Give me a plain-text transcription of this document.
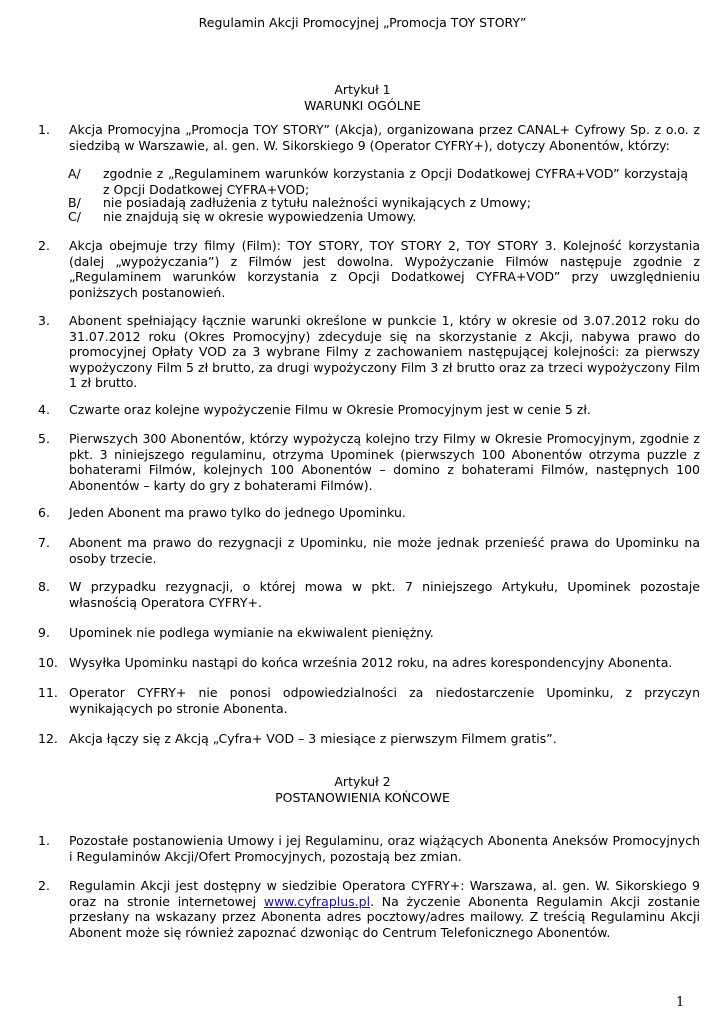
Regulamin Akcji Promocyjnej „Promocja TOY STORY”
Artykuł 1
WARUNKI OGÓLNE
1.	Akcja Promocyjna „Promocja TOY STORY” (Akcja), organizowana przez CANAL+ Cyfrowy Sp. z o.o. z siedzibą w Warszawie, al. gen. W. Sikorskiego 9 (Operator CYFRY+), dotyczy Abonentów, którzy:
A/	zgodnie z „Regulaminem warunków korzystania z Opcji Dodatkowej CYFRA+VOD” korzystają z Opcji Dodatkowej CYFRA+VOD;
B/	nie posiadają zadłużenia z tytułu należności wynikających z Umowy;
C/	nie znajdują się w okresie wypowiedzenia Umowy.
2.	Akcja obejmuje trzy filmy (Film): TOY STORY, TOY STORY 2, TOY STORY 3. Kolejność korzystania (dalej „wypożyczania”) z Filmów jest dowolna. Wypożyczanie Filmów następuje zgodnie z „Regulaminem warunków korzystania z Opcji Dodatkowej CYFRA+VOD” przy uwzględnieniu poniższych postanowień.
3.	Abonent spełniający łącznie warunki określone w punkcie 1, który w okresie od 3.07.2012 roku do 31.07.2012 roku (Okres Promocyjny) zdecyduje się na skorzystanie z Akcji, nabywa prawo do promocyjnej Opłaty VOD za 3 wybrane Filmy z zachowaniem następującej kolejności: za pierwszy wypożyczony Film 5 zł brutto, za drugi wypożyczony Film 3 zł brutto oraz za trzeci wypożyczony Film 1 zł brutto.
4.	Czwarte oraz kolejne wypożyczenie Filmu w Okresie Promocyjnym jest w cenie 5 zł.
5.	Pierwszych 300 Abonentów, którzy wypożyczą kolejno trzy Filmy w Okresie Promocyjnym, zgodnie z pkt. 3 niniejszego regulaminu, otrzyma Upominek (pierwszych 100 Abonentów otrzyma puzzle z bohaterami Filmów, kolejnych 100 Abonentów – domino z bohaterami Filmów, następnych 100 Abonentów – karty do gry z bohaterami Filmów).
6.	Jeden Abonent ma prawo tylko do jednego Upominku.
7.	Abonent ma prawo do rezygnacji z Upominku, nie może jednak przenieść prawa do Upominku na osoby trzecie.
8.	W przypadku rezygnacji, o której mowa w pkt. 7 niniejszego Artykułu, Upominek pozostaje własnością Operatora CYFRY+.
9.	Upominek nie podlega wymianie na ekwiwalent pieniężny.
10. Wysyłka Upominku nastąpi do końca września 2012 roku, na adres korespondencyjny Abonenta.
11. Operator CYFRY+ nie ponosi odpowiedzialności za niedostarczenie Upominku, z przyczyn wynikających po stronie Abonenta.
12. Akcja łączy się z Akcją „Cyfra+ VOD – 3 miesiące z pierwszym Filmem gratis”.
Artykuł 2
POSTANOWIENIA KOŃCOWE
1.	Pozostałe postanowienia Umowy i jej Regulaminu, oraz wiążących Abonenta Aneksów Promocyjnych i Regulaminów Akcji/Ofert Promocyjnych, pozostają bez zmian.
2.	Regulamin Akcji jest dostępny w siedzibie Operatora CYFRY+: Warszawa, al. gen. W. Sikorskiego 9 oraz na stronie internetowej www.cyfraplus.pl. Na życzenie Abonenta Regulamin Akcji zostanie przesłany na wskazany przez Abonenta adres pocztowy/adres mailowy. Z treścią Regulaminu Akcji Abonent może się również zapoznać dzwoniąc do Centrum Telefonicznego Abonentów.
1
